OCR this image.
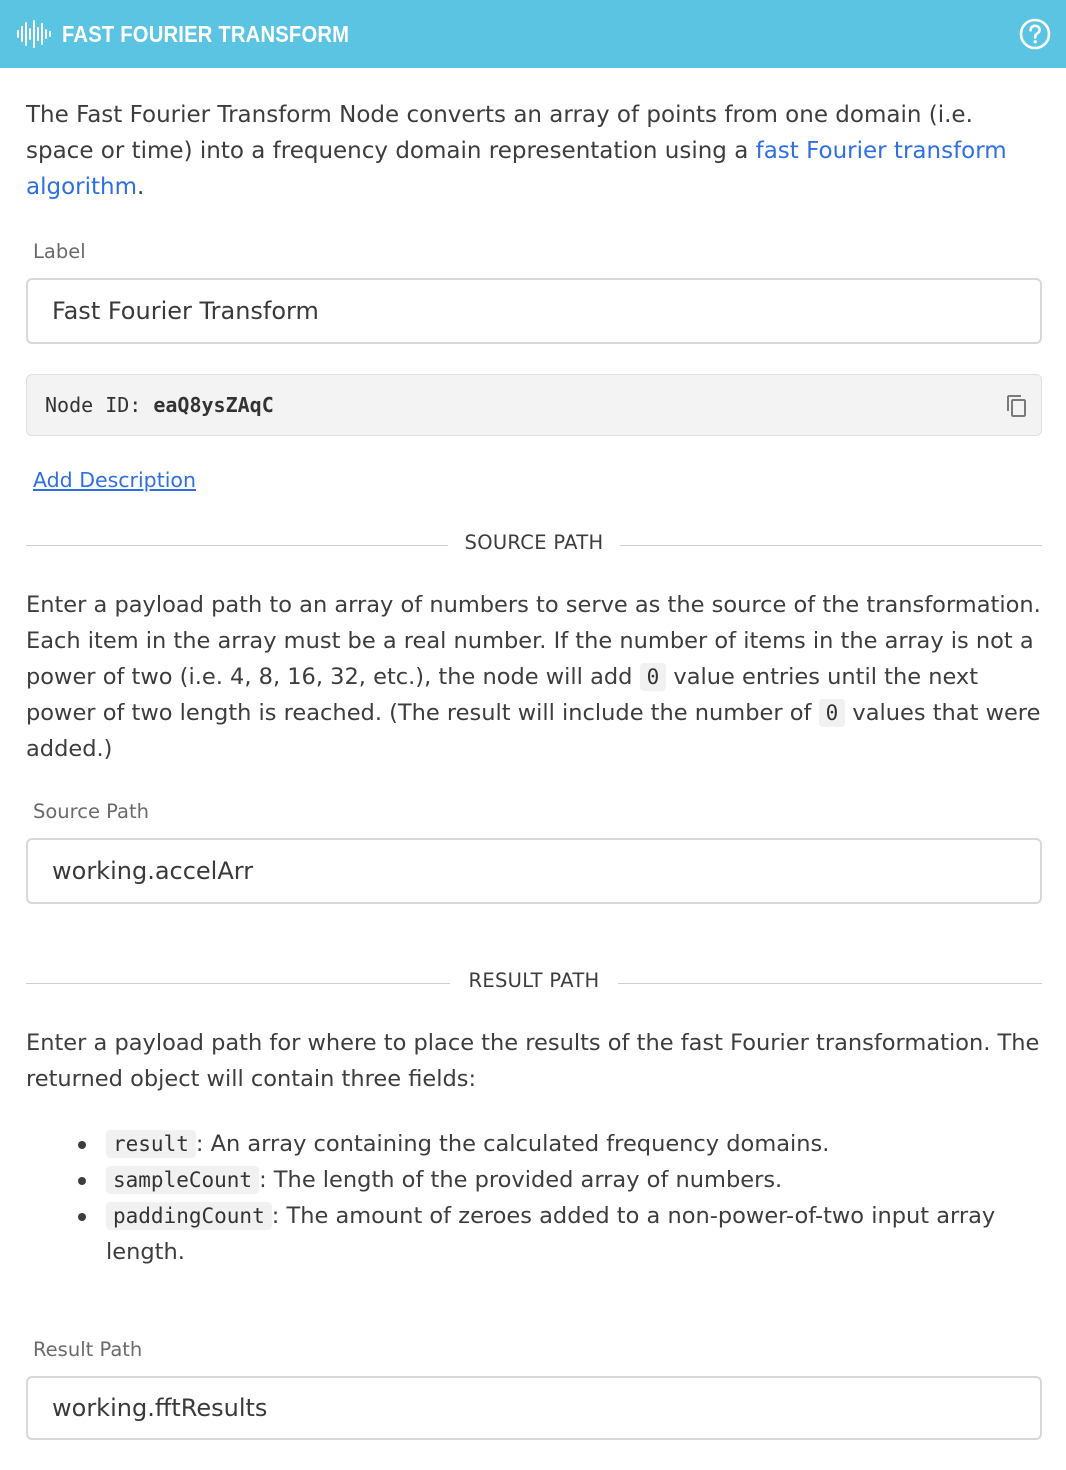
FAST FOURIER TRANSFORM

The Fast Fourier Transform Node converts an array of points from one domain (i.e. space or time) into a frequency domain representation using a fast Fourier transform algorithm.

Label
Fast Fourier Transform
Node ID: eaQ8ysZAqC
Add Description
SOURCE PATH

Enter a payload path to an array of numbers to serve as the source of the transformation. Each item in the array must be a real number. If the number of items in the array is not a power of two (i.e. 4, 8, 16, 32, etc.), the node will add 0 value entries until the next power of two length is reached. (The result will include the number of 0 values that were added.)

Source Path
working.accelArr
RESULT PATH

Enter a payload path for where to place the results of the fast Fourier transformation. The returned object will contain three fields:

result : An array containing the calculated frequency domains.
sampleCount : The length of the provided array of numbers.
paddingCount : The amount of zeroes added to a non-power-of-two input array length.
Result Path
working.fftResults
